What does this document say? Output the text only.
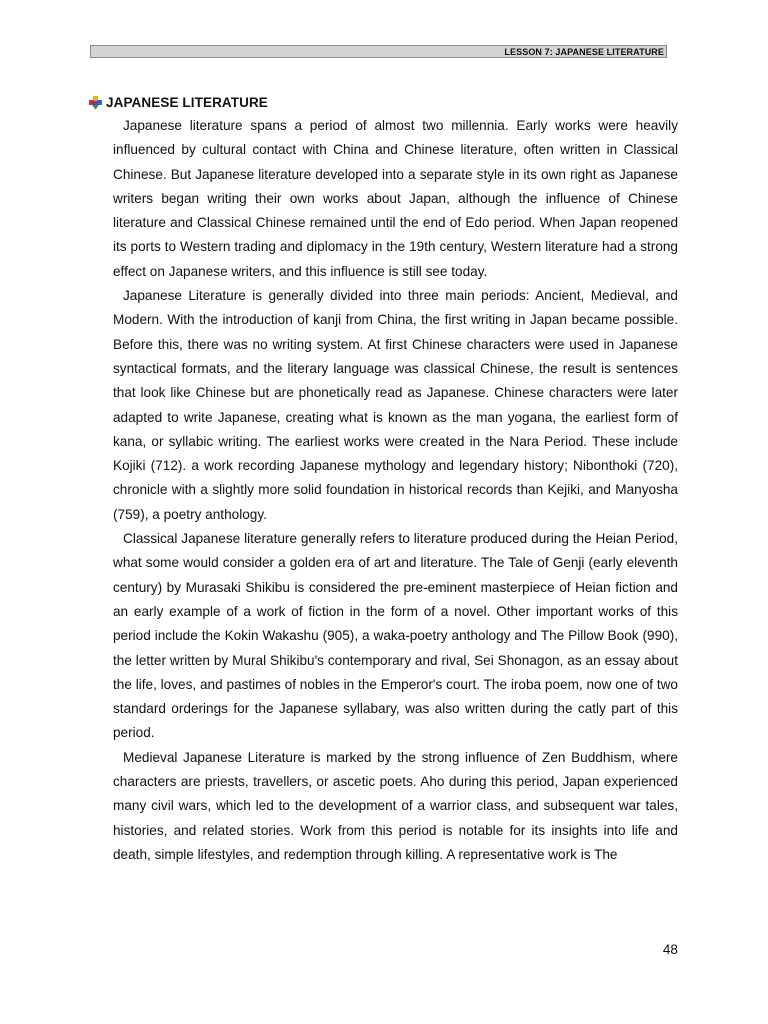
LESSON 7: JAPANESE LITERATURE
JAPANESE LITERATURE

Japanese literature spans a period of almost two millennia. Early works were heavily influenced by cultural contact with China and Chinese literature, often written in Classical Chinese. But Japanese literature developed into a separate style in its own right as Japanese writers began writing their own works about Japan, although the influence of Chinese literature and Classical Chinese remained until the end of Edo period. When Japan reopened its ports to Western trading and diplomacy in the 19th century, Western literature had a strong effect on Japanese writers, and this influence is still see today.

Japanese Literature is generally divided into three main periods: Ancient, Medieval, and Modern. With the introduction of kanji from China, the first writing in Japan became possible. Before this, there was no writing system. At first Chinese characters were used in Japanese syntactical formats, and the literary language was classical Chinese, the result is sentences that look like Chinese but are phonetically read as Japanese. Chinese characters were later adapted to write Japanese, creating what is known as the man yogana, the earliest form of kana, or syllabic writing. The earliest works were created in the Nara Period. These include Kojiki (712). a work recording Japanese mythology and legendary history; Nibonthoki (720), chronicle with a slightly more solid foundation in historical records than Kejiki, and Manyosha (759), a poetry anthology.

Classical Japanese literature generally refers to literature produced during the Heian Period, what some would consider a golden era of art and literature. The Tale of Genji (early eleventh century) by Murasaki Shikibu is considered the pre-eminent masterpiece of Heian fiction and an early example of a work of fiction in the form of a novel. Other important works of this period include the Kokin Wakashu (905), a waka-poetry anthology and The Pillow Book (990), the letter written by Mural Shikibu's contemporary and rival, Sei Shonagon, as an essay about the life, loves, and pastimes of nobles in the Emperor's court. The iroba poem, now one of two standard orderings for the Japanese syllabary, was also written during the catly part of this period.

Medieval Japanese Literature is marked by the strong influence of Zen Buddhism, where characters are priests, travellers, or ascetic poets. Aho during this period, Japan experienced many civil wars, which led to the development of a warrior class, and subsequent war tales, histories, and related stories. Work from this period is notable for its insights into life and death, simple lifestyles, and redemption through killing. A representative work is The

48
